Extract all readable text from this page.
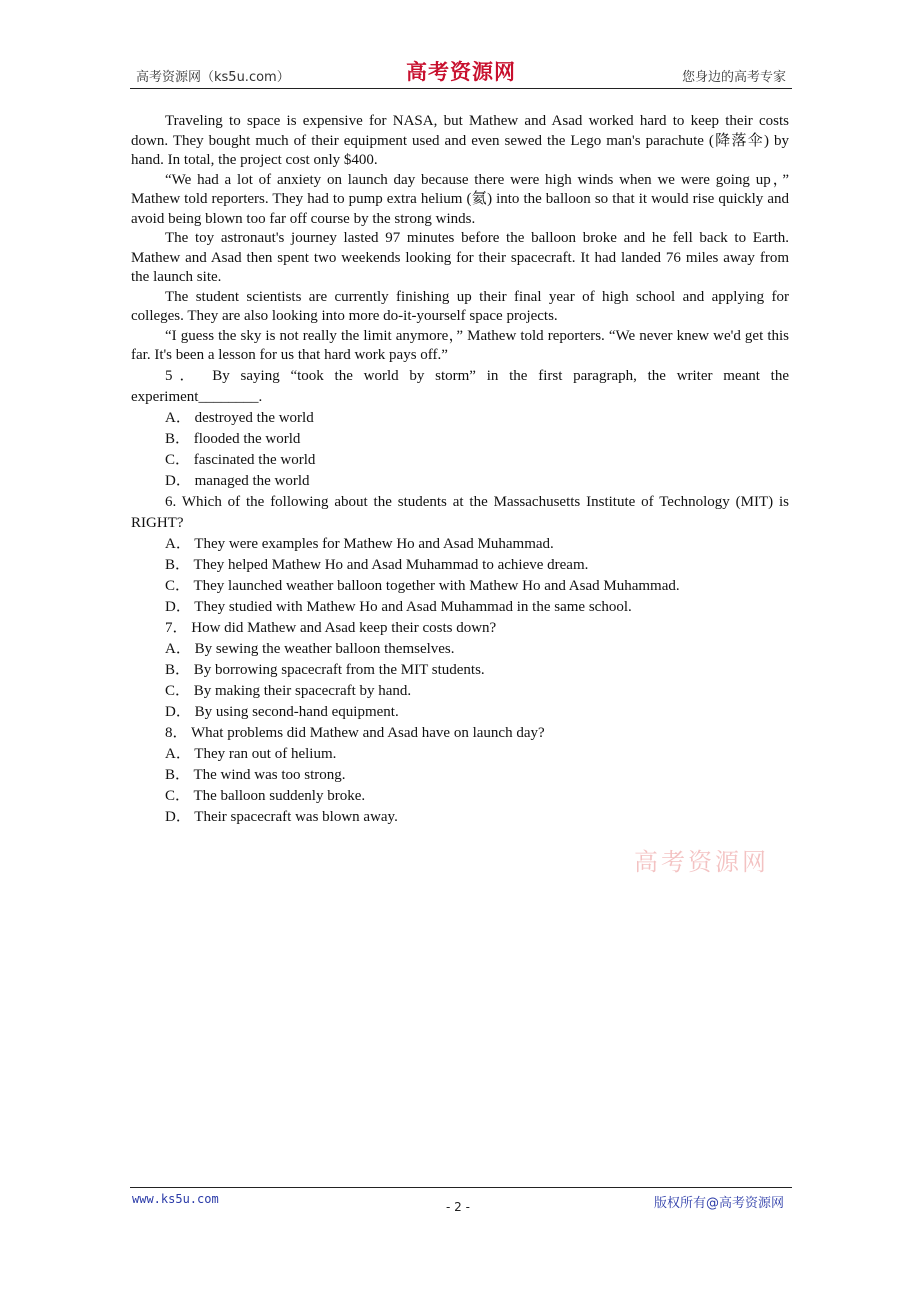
高考资源网（ks5u.com）	高考资源网	您身边的高考专家

Traveling to space is expensive for NASA, but Mathew and Asad worked hard to keep their costs down. They bought much of their equipment used and even sewed the Lego man's parachute (降落伞) by hand. In total, the project cost only $400.

“We had a lot of anxiety on launch day because there were high winds when we were going up，” Mathew told reporters. They had to pump extra helium (氦) into the balloon so that it would rise quickly and avoid being blown too far off course by the strong winds.

The toy astronaut's journey lasted 97 minutes before the balloon broke and he fell back to Earth. Mathew and Asad then spent two weekends looking for their spacecraft. It had landed 76 miles away from the launch site.

The student scientists are currently finishing up their final year of high school and applying for colleges. They are also looking into more do-it-yourself space projects.

“I guess the sky is not really the limit anymore，” Mathew told reporters. “We never knew we'd get this far. It's been a lesson for us that hard work pays off.”

5． By saying “took the world by storm” in the first paragraph, the writer meant the experiment________.

A． destroyed the world

B． flooded the world

C． fascinated the world

D． managed the world

6. Which of the following about the students at the Massachusetts Institute of Technology (MIT) is RIGHT?

A． They were examples for Mathew Ho and Asad Muhammad.

B． They helped Mathew Ho and Asad Muhammad to achieve dream.

C． They launched weather balloon together with Mathew Ho and Asad Muhammad.

D． They studied with Mathew Ho and Asad Muhammad in the same school.

7． How did Mathew and Asad keep their costs down?

A． By sewing the weather balloon themselves.

B． By borrowing spacecraft from the MIT students.

C． By making their spacecraft by hand.

D． By using second-hand equipment.

8． What problems did Mathew and Asad have on launch day?

A． They ran out of helium.

B． The wind was too strong.

C． The balloon suddenly broke.

D． Their spacecraft was blown away.

高考资源网
www.ks5u.com
- 2 -	版权所有@高考资源网
